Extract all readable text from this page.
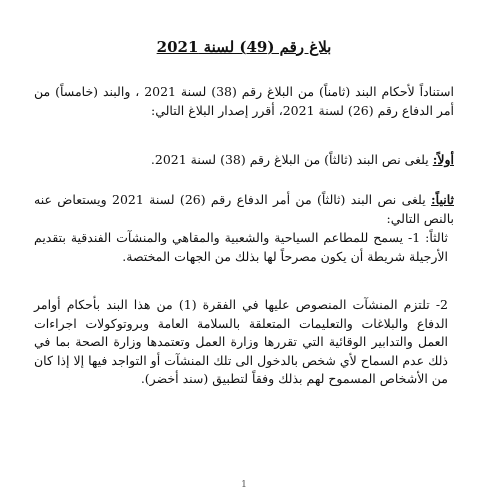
بلاغ رقم (49) لسنة 2021
استناداً لأحكام البند (ثامناً) من البلاغ رقم (38) لسنة 2021 ، والبند (خامساً) من أمر الدفاع رقم (26) لسنة 2021، أقرر إصدار البلاغ التالي:
أولاً: يلغى نص البند (ثالثاً) من البلاغ رقم (38) لسنة 2021.
ثانياً: يلغى نص البند (ثالثاً) من أمر الدفاع رقم (26) لسنة 2021 ويستعاض عنه بالنص التالي:
ثالثاً: 1- يسمح للمطاعم السياحية والشعبية والمقاهي والمنشآت الفندقية بتقديم الأرجيلة شريطة أن يكون مصرحاً لها بذلك من الجهات المختصة.
2- تلتزم المنشآت المنصوص عليها في الفقرة (1) من هذا البند بأحكام أوامر الدفاع والبلاغات والتعليمات المتعلقة بالسلامة العامة وبروتوكولات اجراءات العمل والتدابير الوقائية التي تقررها وزارة العمل وتعتمدها وزارة الصحة بما في ذلك عدم السماح لأي شخص بالدخول الى تلك المنشآت أو التواجد فيها إلا إذا كان من الأشخاص المسموح لهم بذلك وفقاً لتطبيق (سند أخضر).
1
